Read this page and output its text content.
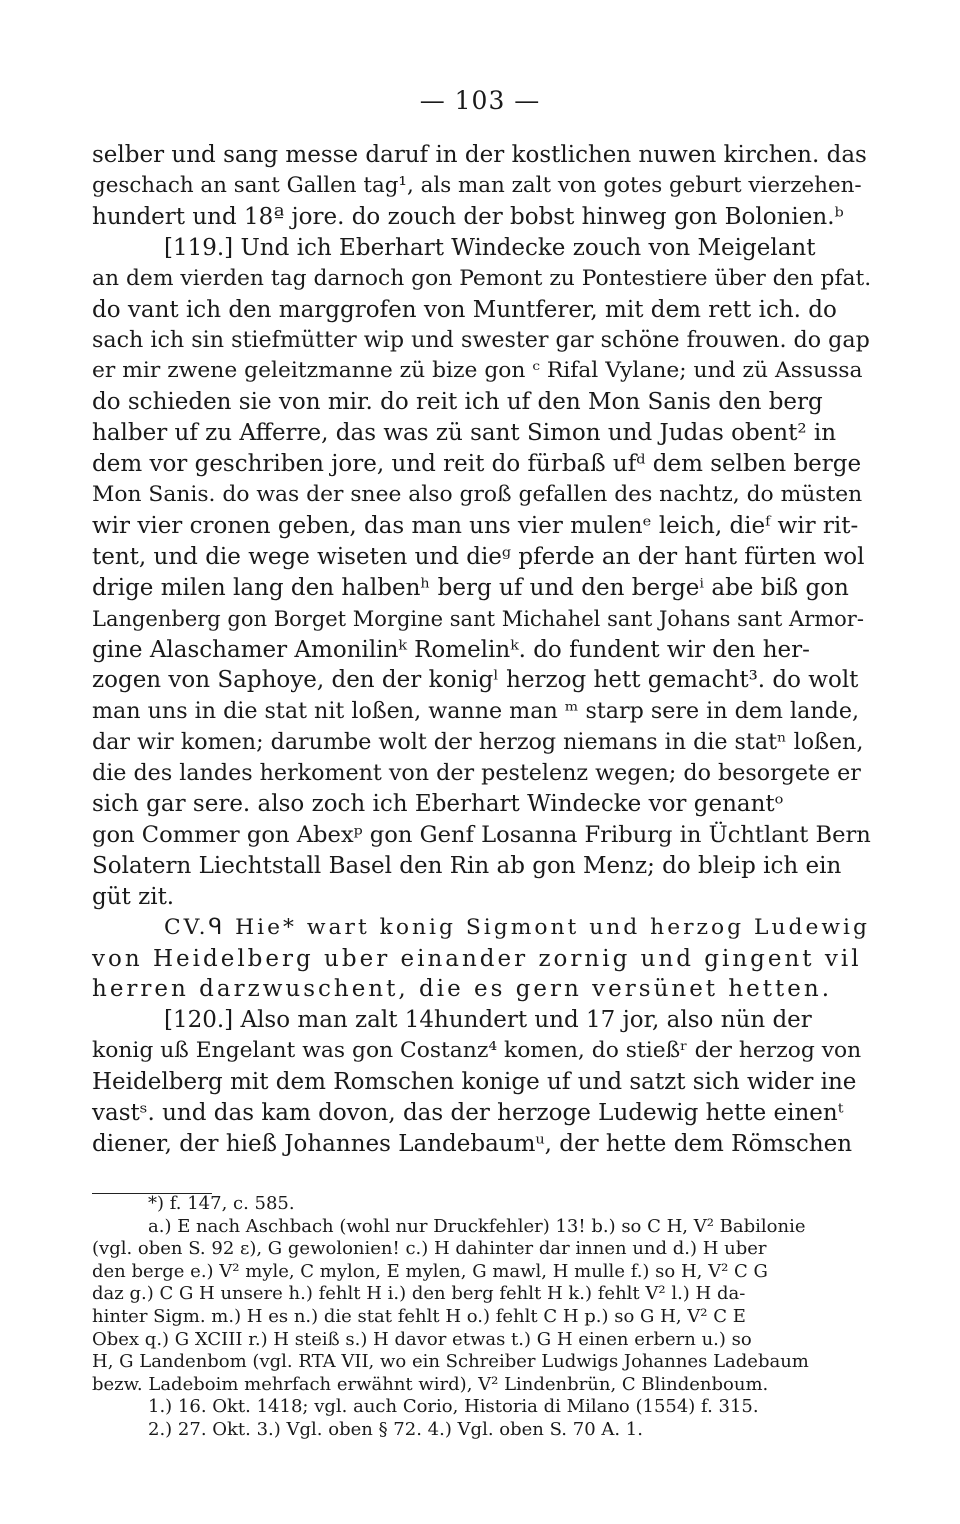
— 103 —

selber und sang messe daruf in der kostlichen nuwen kirchen. das
geschach an sant Gallen tag¹, als man zalt von gotes geburt vierzehen-
hundert und 18ª jore. do zouch der bobst hinweg gon Bolonien.ᵇ

[119.] Und ich Eberhart Windecke zouch von Meigelant
an dem vierden tag darnoch gon Pemont zu Pontestiere über den pfat.
do vant ich den marggrofen von Muntferer, mit dem rett ich. do
sach ich sin stiefmütter wip und swester gar schöne frouwen. do gap
er mir zwene geleitzmanne zü bize gon ᶜ Rifal Vylane; und zü Assussa
do schieden sie von mir. do reit ich uf den Mon Sanis den berg
halber uf zu Afferre, das was zü sant Simon und Judas obent² in
dem vor geschriben jore, und reit do fürbaß ufᵈ dem selben berge
Mon Sanis. do was der snee also groß gefallen des nachtz, do müsten
wir vier cronen geben, das man uns vier mulenᵉ leich, dieᶠ wir rit-
tent, und die wege wiseten und dieᵍ pferde an der hant fürten wol
drige milen lang den halbenʰ berg uf und den bergeⁱ abe biß gon
Langenberg gon Borget Morgine sant Michahel sant Johans sant Armor-
gine Alaschamer Amonilinᵏ Romelinᵏ. do fundent wir den her-
zogen von Saphoye, den der konigˡ herzog hett gemacht³. do wolt
man uns in die stat nit loßen, wanne man ᵐ starp sere in dem lande,
dar wir komen; darumbe wolt der herzog niemans in die statⁿ loßen,
die des landes herkoment von der pestelenz wegen; do besorgete er
sich gar sere. also zoch ich Eberhart Windecke vor genantᵒ
gon Commer gon Abexᵖ gon Genf Losanna Friburg in Üchtlant Bern
Solatern Liechtstall Basel den Rin ab gon Menz; do bleip ich ein
güt zit.

CV.ᑫ Hie* wart konig Sigmont und herzog Ludewig
von Heidelberg uber einander zornig und gingent vil
herren darzwuschent, die es gern versünet hetten.

[120.] Also man zalt 14hundert und 17 jor, also nün der
konig uß Engelant was gon Costanz⁴ komen, do stießʳ der herzog von
Heidelberg mit dem Romschen konige uf und satzt sich wider ine
vastˢ. und das kam dovon, das der herzoge Ludewig hette einenᵗ
diener, der hieß Johannes Landebaumᵘ, der hette dem Römschen

*) f. 147, c. 585.
a.) E nach Aschbach (wohl nur Druckfehler) 13! b.) so C H, V² Babilonie
(vgl. oben S. 92 ε), G gewolonien! c.) H dahinter dar innen und d.) H uber
den berge e.) V² myle, C mylon, E mylen, G mawl, H mulle f.) so H, V² C G
daz g.) C G H unsere h.) fehlt H i.) den berg fehlt H k.) fehlt V² l.) H da-
hinter Sigm. m.) H es n.) die stat fehlt H o.) fehlt C H p.) so G H, V² C E
Obex q.) G XCIII r.) H steiß s.) H davor etwas t.) G H einen erbern u.) so
H, G Landenbom (vgl. RTA VII, wo ein Schreiber Ludwigs Johannes Ladebaum
bezw. Ladeboim mehrfach erwähnt wird), V² Lindenbrün, C Blindenboum.
1.) 16. Okt. 1418; vgl. auch Corio, Historia di Milano (1554) f. 315.
2.) 27. Okt. 3.) Vgl. oben § 72. 4.) Vgl. oben S. 70 A. 1.
